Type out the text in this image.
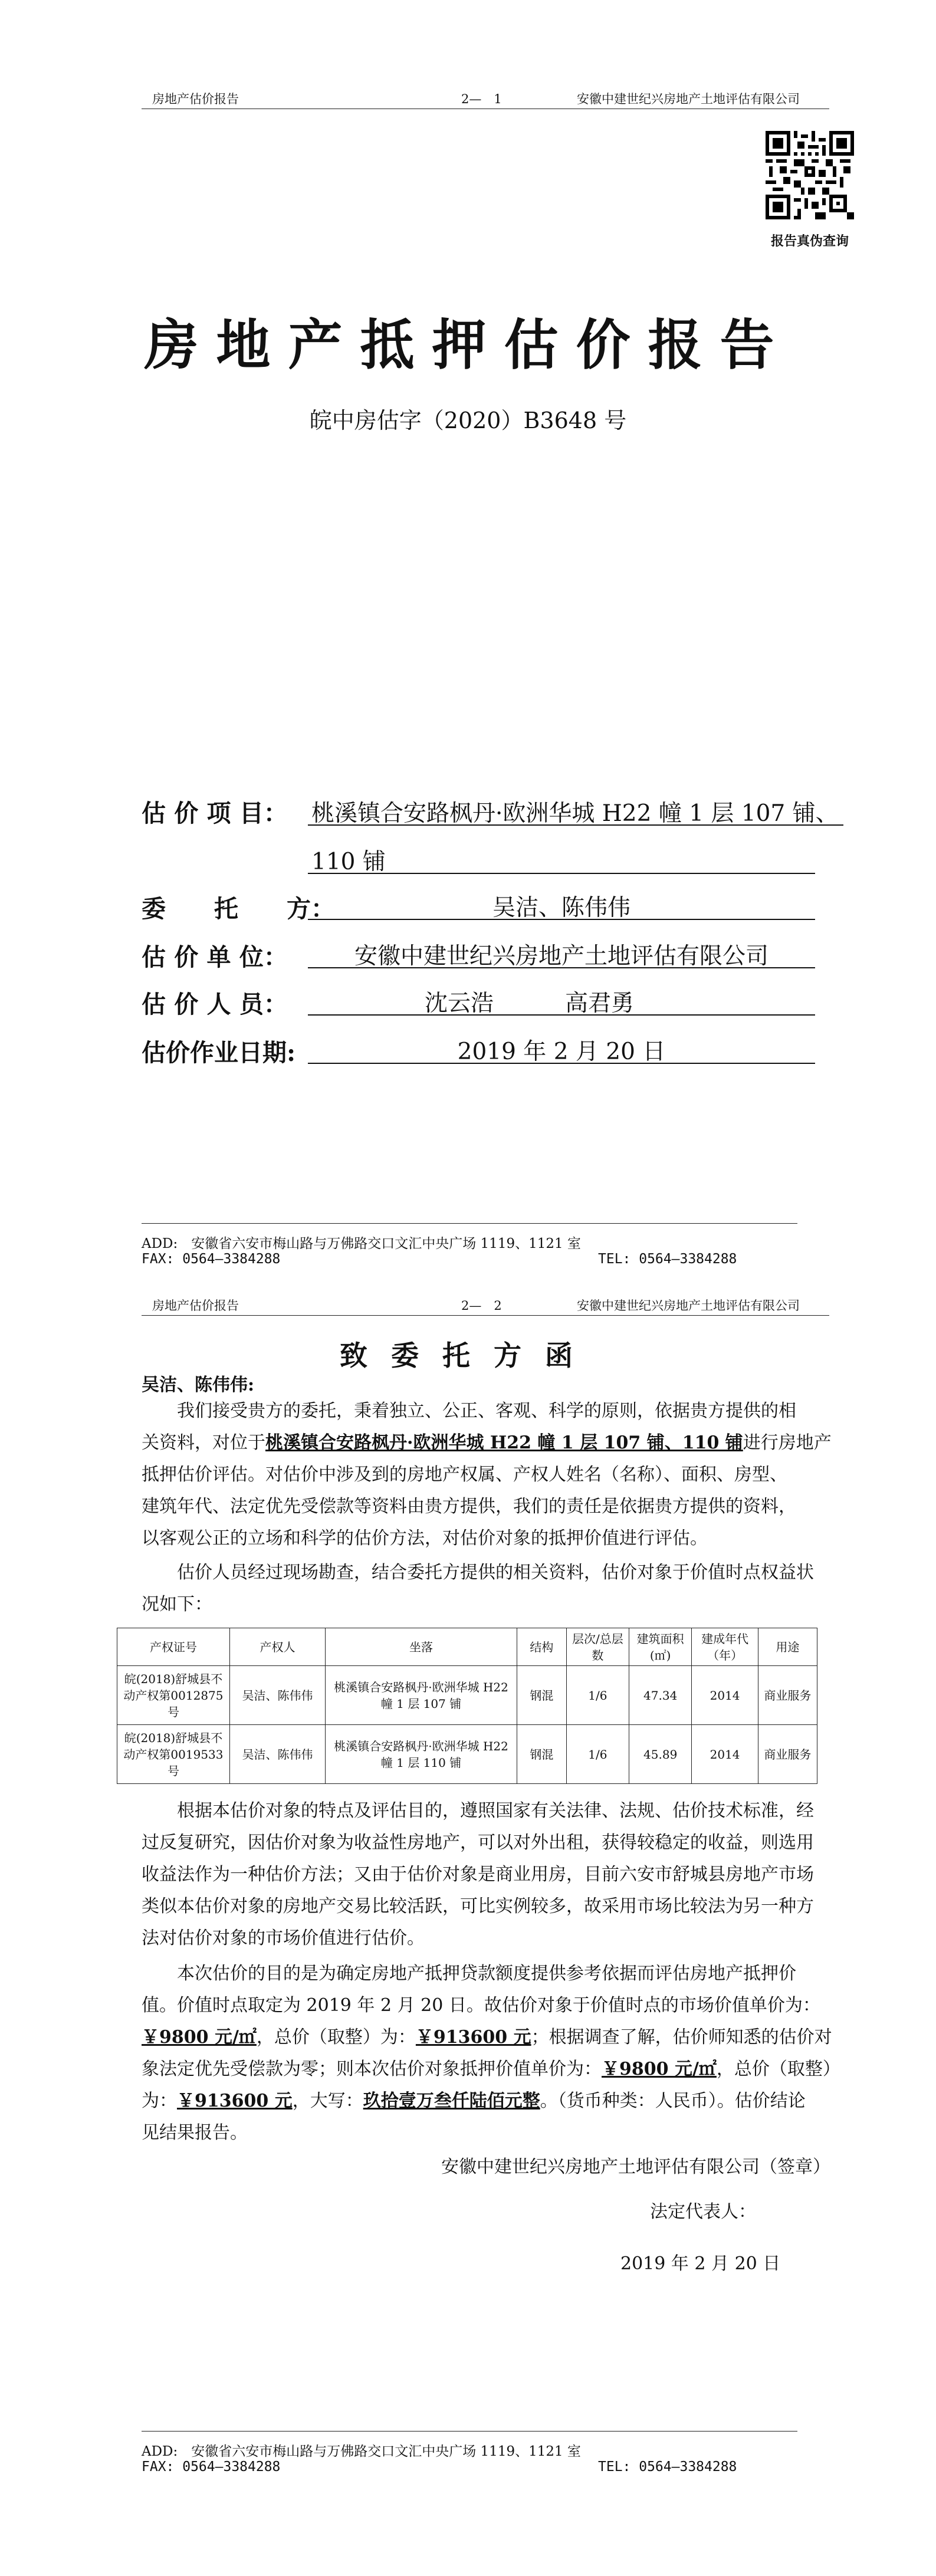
房地产估价报告	2—　1	安徽中建世纪兴房地产土地评估有限公司
报告真伪查询
房地产抵押估价报告
皖中房估字（2020）B3648 号
估 价 项 目： 桃溪镇合安路枫丹·欧洲华城 H22 幢 1 层 107 铺、
110 铺
委　　托　　方：	吴洁、陈伟伟
估 价 单 位：	安徽中建世纪兴房地产土地评估有限公司
估 价 人 员：	沈云浩	高君勇
估价作业日期:	2019 年 2 月 20 日
ADD:　安徽省六安市梅山路与万佛路交口文汇中央广场 1119、1121 室
FAX: 0564—3384288	TEL: 0564—3384288
房地产估价报告	2—　2	安徽中建世纪兴房地产土地评估有限公司
致委托方函
吴洁、陈伟伟:
我们接受贵方的委托，秉着独立、公正、客观、科学的原则，依据贵方提供的相
关资料，对位于桃溪镇合安路枫丹·欧洲华城 H22 幢 1 层 107 铺、110 铺进行房地产
抵押估价评估。对估价中涉及到的房地产权属、产权人姓名（名称）、面积、房型、
建筑年代、法定优先受偿款等资料由贵方提供，我们的责任是依据贵方提供的资料，
以客观公正的立场和科学的估价方法，对估价对象的抵押价值进行评估。
估价人员经过现场勘查，结合委托方提供的相关资料，估价对象于价值时点权益状
况如下：
产权证号	产权人	坐落	结构	层次/总层数	建筑面积(㎡)	建成年代（年）	用途
皖(2018)舒城县不动产权第0012875 号	吴洁、陈伟伟	桃溪镇合安路枫丹·欧洲华城 H22 幢 1 层 107 铺	钢混	1/6	47.34	2014	商业服务
皖(2018)舒城县不动产权第0019533 号	吴洁、陈伟伟	桃溪镇合安路枫丹·欧洲华城 H22 幢 1 层 110 铺	钢混	1/6	45.89	2014	商业服务
根据本估价对象的特点及评估目的，遵照国家有关法律、法规、估价技术标准，经
过反复研究，因估价对象为收益性房地产，可以对外出租，获得较稳定的收益，则选用
收益法作为一种估价方法；又由于估价对象是商业用房，目前六安市舒城县房地产市场
类似本估价对象的房地产交易比较活跃，可比实例较多，故采用市场比较法为另一种方
法对估价对象的市场价值进行估价。
本次估价的目的是为确定房地产抵押贷款额度提供参考依据而评估房地产抵押价
值。价值时点取定为 2019 年 2 月 20 日。故估价对象于价值时点的市场价值单价为：
￥9800 元/㎡，总价（取整）为：￥913600 元；根据调查了解，估价师知悉的估价对
象法定优先受偿款为零；则本次估价对象抵押价值单价为：￥9800 元/㎡，总价（取整）
为：￥913600 元，大写：玖拾壹万叁仟陆佰元整。（货币种类：人民币）。估价结论
见结果报告。
安徽中建世纪兴房地产土地评估有限公司（签章）
法定代表人：
2019 年 2 月 20 日
ADD:　安徽省六安市梅山路与万佛路交口文汇中央广场 1119、1121 室
FAX: 0564—3384288	TEL: 0564—3384288
